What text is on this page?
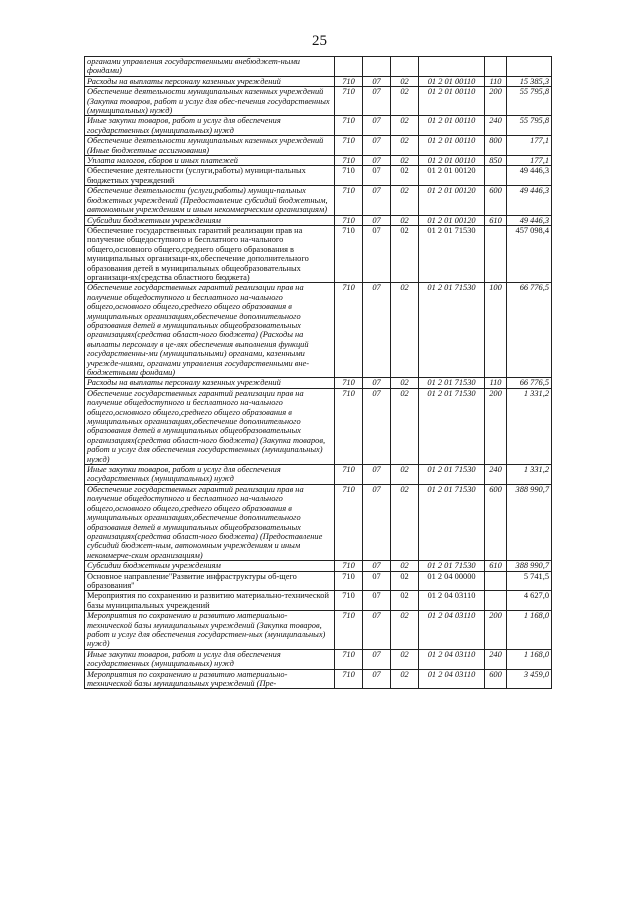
25
органами управления государственными внебюджет-ными фондами)						
Расходы на выплаты персоналу казенных учреждений	710	07	02	01 2 01 00110	110	15 385,3
Обеспечение деятельности муниципальных казенных учреждений (Закупка товаров, работ и услуг для обес-печения государственных (муниципальных) нужд)	710	07	02	01 2 01 00110	200	55 795,8
Иные закупки товаров, работ и услуг для обеспечения государственных (муниципальных) нужд	710	07	02	01 2 01 00110	240	55 795,8
Обеспечение деятельности муниципальных казенных учреждений (Иные бюджетные ассигнования)	710	07	02	01 2 01 00110	800	177,1
Уплата налогов, сборов и иных платежей	710	07	02	01 2 01 00110	850	177,1
Обеспечение деятельности (услуги,работы) муници-пальных бюджетных учреждений	710	07	02	01 2 01 00120		49 446,3
Обеспечение деятельности (услуги,работы) муници-пальных бюджетных учреждений (Предоставление субсидий бюджетным, автономным учреждениям и иным некоммерческим организациям)	710	07	02	01 2 01 00120	600	49 446,3
Субсидии бюджетным учреждениям	710	07	02	01 2 01 00120	610	49 446,3
Обеспечение государственных гарантий реализации прав на получение общедоступного и бесплатного на-чального общего,основного общего,среднего общего образования в муниципальных организаци-ях,обеспечение дополнительного образования детей в муниципальных общеобразовательных организаци-ях(средства областного бюджета)	710	07	02	01 2 01 71530		457 098,4
Обеспечение государственных гарантий реализации прав на получение общедоступного и бесплатного на-чального общего,основного общего,среднего общего образования в муниципальных организациях,обеспечение дополнительного образования детей в муниципальных общеобразовательных организациях(средства област-ного бюджета) (Расходы на выплаты персоналу в це-лях обеспечения выполнения функций государственны-ми (муниципальными) органами, казенными учрежде-ниями, органами управления государственными вне-бюджетными фондами)	710	07	02	01 2 01 71530	100	66 776,5
Расходы на выплаты персоналу казенных учреждений	710	07	02	01 2 01 71530	110	66 776,5
Обеспечение государственных гарантий реализации прав на получение общедоступного и бесплатного на-чального общего,основного общего,среднего общего образования в муниципальных организациях,обеспечение дополнительного образования детей в муниципальных общеобразовательных организациях(средства област-ного бюджета) (Закупка товаров, работ и услуг для обеспечения государственных (муниципальных) нужд)	710	07	02	01 2 01 71530	200	1 331,2
Иные закупки товаров, работ и услуг для обеспечения государственных (муниципальных) нужд	710	07	02	01 2 01 71530	240	1 331,2
Обеспечение государственных гарантий реализации прав на получение общедоступного и бесплатного на-чального общего,основного общего,среднего общего образования в муниципальных организациях,обеспечение дополнительного образования детей в муниципальных общеобразовательных организациях(средства област-ного бюджета) (Предоставление субсидий бюджет-ным, автономным учреждениям и иным некоммерче-ским организациям)	710	07	02	01 2 01 71530	600	388 990,7
Субсидии бюджетным учреждениям	710	07	02	01 2 01 71530	610	388 990,7
Основное направление"Развитие инфраструктуры об-щего образования"	710	07	02	01 2 04 00000		5 741,5
Мероприятия по сохранению и развитию материально-технической базы муниципальных учреждений	710	07	02	01 2 04 03110		4 627,0
Мероприятия по сохранению и развитию материально-технической базы муниципальных учреждений (Закупка товаров, работ и услуг для обеспечения государствен-ных (муниципальных) нужд)	710	07	02	01 2 04 03110	200	1 168,0
Иные закупки товаров, работ и услуг для обеспечения государственных (муниципальных) нужд	710	07	02	01 2 04 03110	240	1 168,0
Мероприятия по сохранению и развитию материально-технической базы муниципальных учреждений (Пре-	710	07	02	01 2 04 03110	600	3 459,0
